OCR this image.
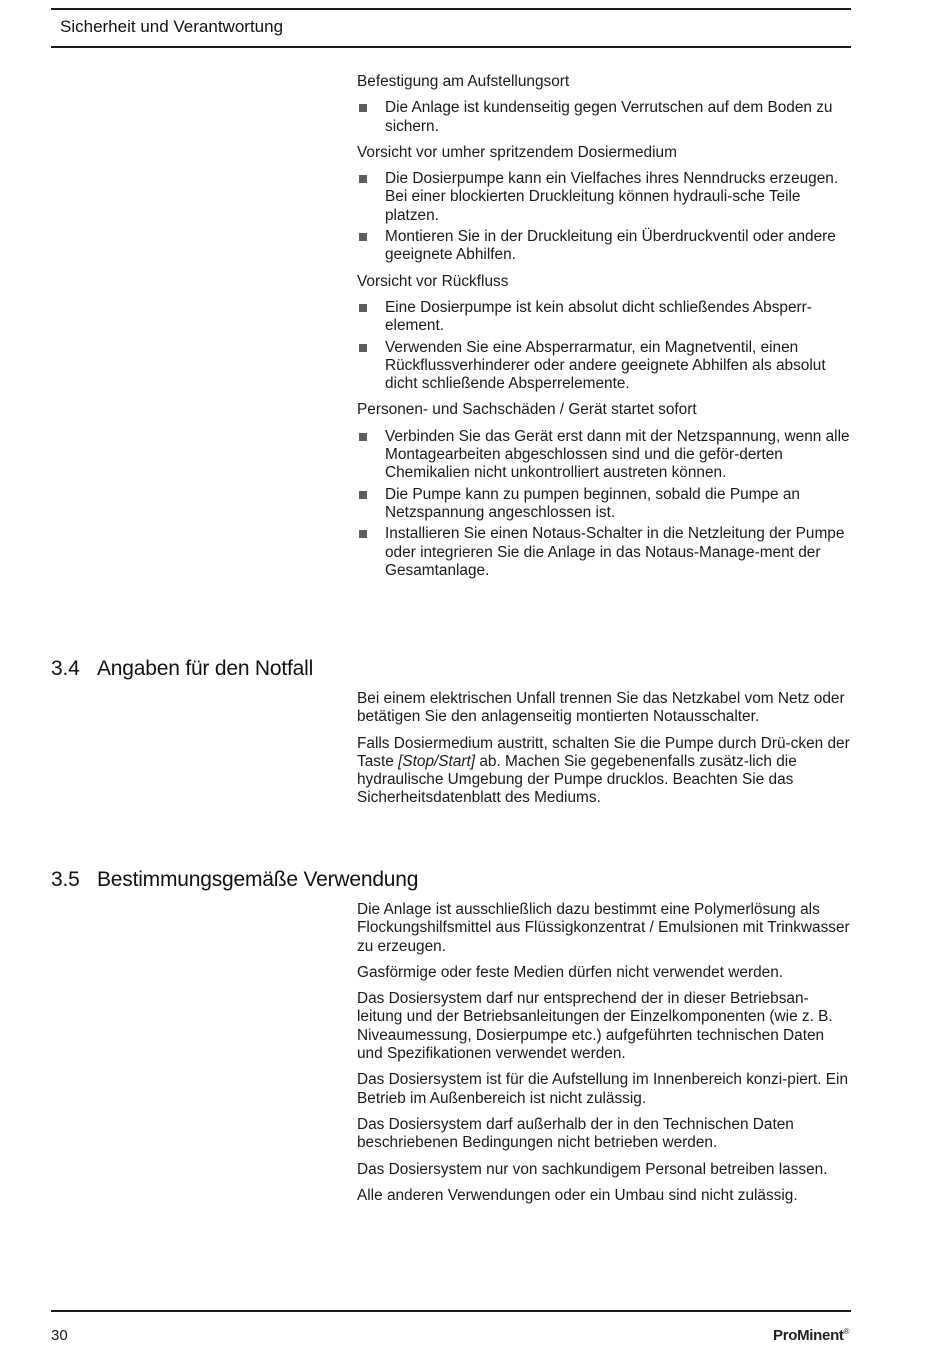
Sicherheit und Verantwortung

Befestigung am Aufstellungsort

Die Anlage ist kundenseitig gegen Verrutschen auf dem Boden zu sichern.

Vorsicht vor umher spritzendem Dosiermedium

Die Dosierpumpe kann ein Vielfaches ihres Nenndrucks erzeugen. Bei einer blockierten Druckleitung können hydrauli-sche Teile platzen.
Montieren Sie in der Druckleitung ein Überdruckventil oder andere geeignete Abhilfen.

Vorsicht vor Rückfluss

Eine Dosierpumpe ist kein absolut dicht schließendes Absperr-element.
Verwenden Sie eine Absperrarmatur, ein Magnetventil, einen Rückflussverhinderer oder andere geeignete Abhilfen als absolut dicht schließende Absperrelemente.

Personen- und Sachschäden / Gerät startet sofort

Verbinden Sie das Gerät erst dann mit der Netzspannung, wenn alle Montagearbeiten abgeschlossen sind und die geför-derten Chemikalien nicht unkontrolliert austreten können.
Die Pumpe kann zu pumpen beginnen, sobald die Pumpe an Netzspannung angeschlossen ist.
Installieren Sie einen Notaus-Schalter in die Netzleitung der Pumpe oder integrieren Sie die Anlage in das Notaus-Manage-ment der Gesamtanlage.
3.4 Angaben für den Notfall

Bei einem elektrischen Unfall trennen Sie das Netzkabel vom Netz oder betätigen Sie den anlagenseitig montierten Notausschalter.

Falls Dosiermedium austritt, schalten Sie die Pumpe durch Drü-cken der Taste [Stop/Start] ab. Machen Sie gegebenenfalls zusätz-lich die hydraulische Umgebung der Pumpe drucklos. Beachten Sie das Sicherheitsdatenblatt des Mediums.

3.5 Bestimmungsgemäße Verwendung

Die Anlage ist ausschließlich dazu bestimmt eine Polymerlösung als Flockungshilfsmittel aus Flüssigkonzentrat / Emulsionen mit Trinkwasser zu erzeugen.

Gasförmige oder feste Medien dürfen nicht verwendet werden.

Das Dosiersystem darf nur entsprechend der in dieser Betriebsan-leitung und der Betriebsanleitungen der Einzelkomponenten (wie z. B. Niveaumessung, Dosierpumpe etc.) aufgeführten technischen Daten und Spezifikationen verwendet werden.

Das Dosiersystem ist für die Aufstellung im Innenbereich konzi-piert. Ein Betrieb im Außenbereich ist nicht zulässig.

Das Dosiersystem darf außerhalb der in den Technischen Daten beschriebenen Bedingungen nicht betrieben werden.

Das Dosiersystem nur von sachkundigem Personal betreiben lassen.

Alle anderen Verwendungen oder ein Umbau sind nicht zulässig.

30	ProMinent®
